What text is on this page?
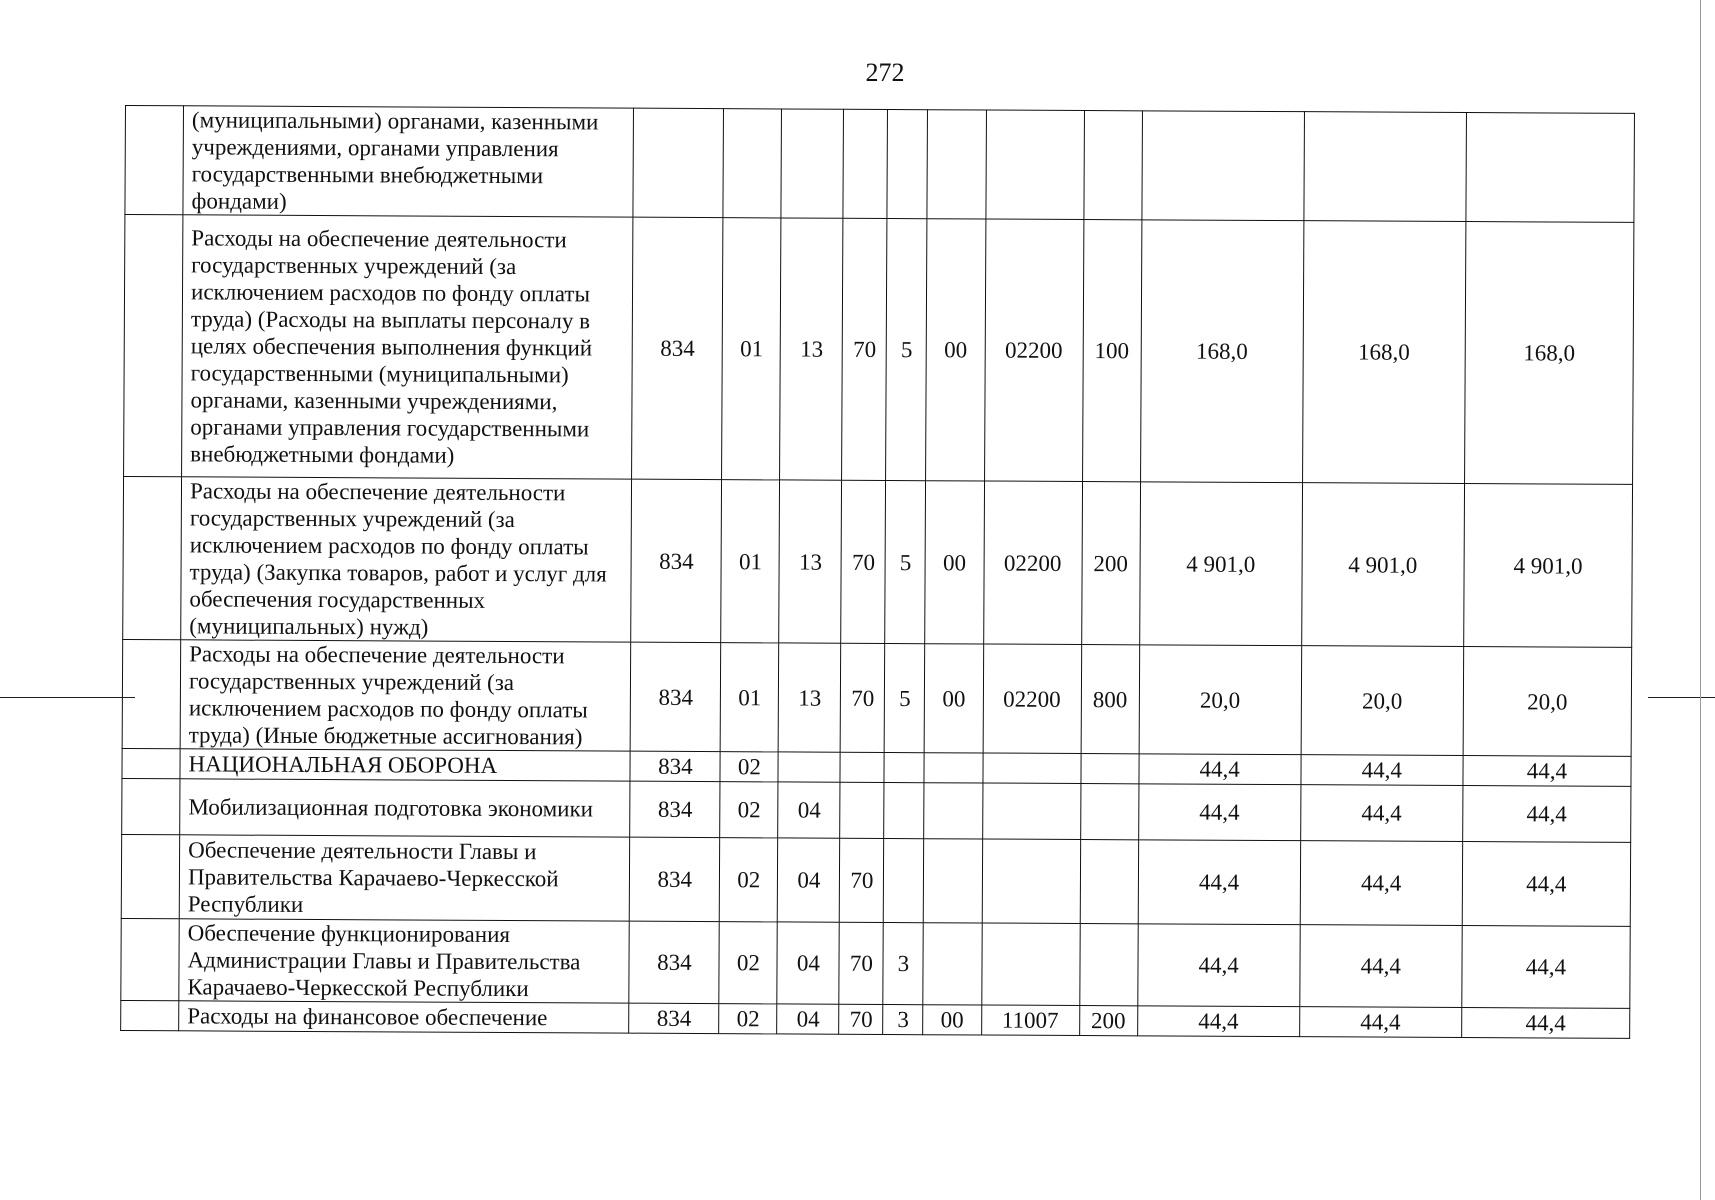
272
	(муниципальными) органами, казенными учреждениями, органами управления государственными внебюджетными фондами)											
	Расходы на обеспечение деятельности государственных учреждений (за исключением расходов по фонду оплаты труда) (Расходы на выплаты персоналу в целях обеспечения выполнения функций государственными (муниципальными) органами, казенными учреждениями, органами управления государственными внебюджетными фондами)	834	01	13	70	5	00	02200	100	168,0	168,0	168,0
	Расходы на обеспечение деятельности государственных учреждений (за исключением расходов по фонду оплаты труда) (Закупка товаров, работ и услуг для обеспечения государственных (муниципальных) нужд)	834	01	13	70	5	00	02200	200	4 901,0	4 901,0	4 901,0
	Расходы на обеспечение деятельности государственных учреждений (за исключением расходов по фонду оплаты труда) (Иные бюджетные ассигнования)	834	01	13	70	5	00	02200	800	20,0	20,0	20,0
	НАЦИОНАЛЬНАЯ ОБОРОНА	834	02							44,4	44,4	44,4
	Мобилизационная подготовка экономики	834	02	04						44,4	44,4	44,4
	Обеспечение деятельности Главы и Правительства Карачаево-Черкесской Республики	834	02	04	70					44,4	44,4	44,4
	Обеспечение функционирования Администрации Главы и Правительства Карачаево-Черкесской Республики	834	02	04	70	3				44,4	44,4	44,4
	Расходы на финансовое обеспечение	834	02	04	70	3	00	11007	200	44,4	44,4	44,4
